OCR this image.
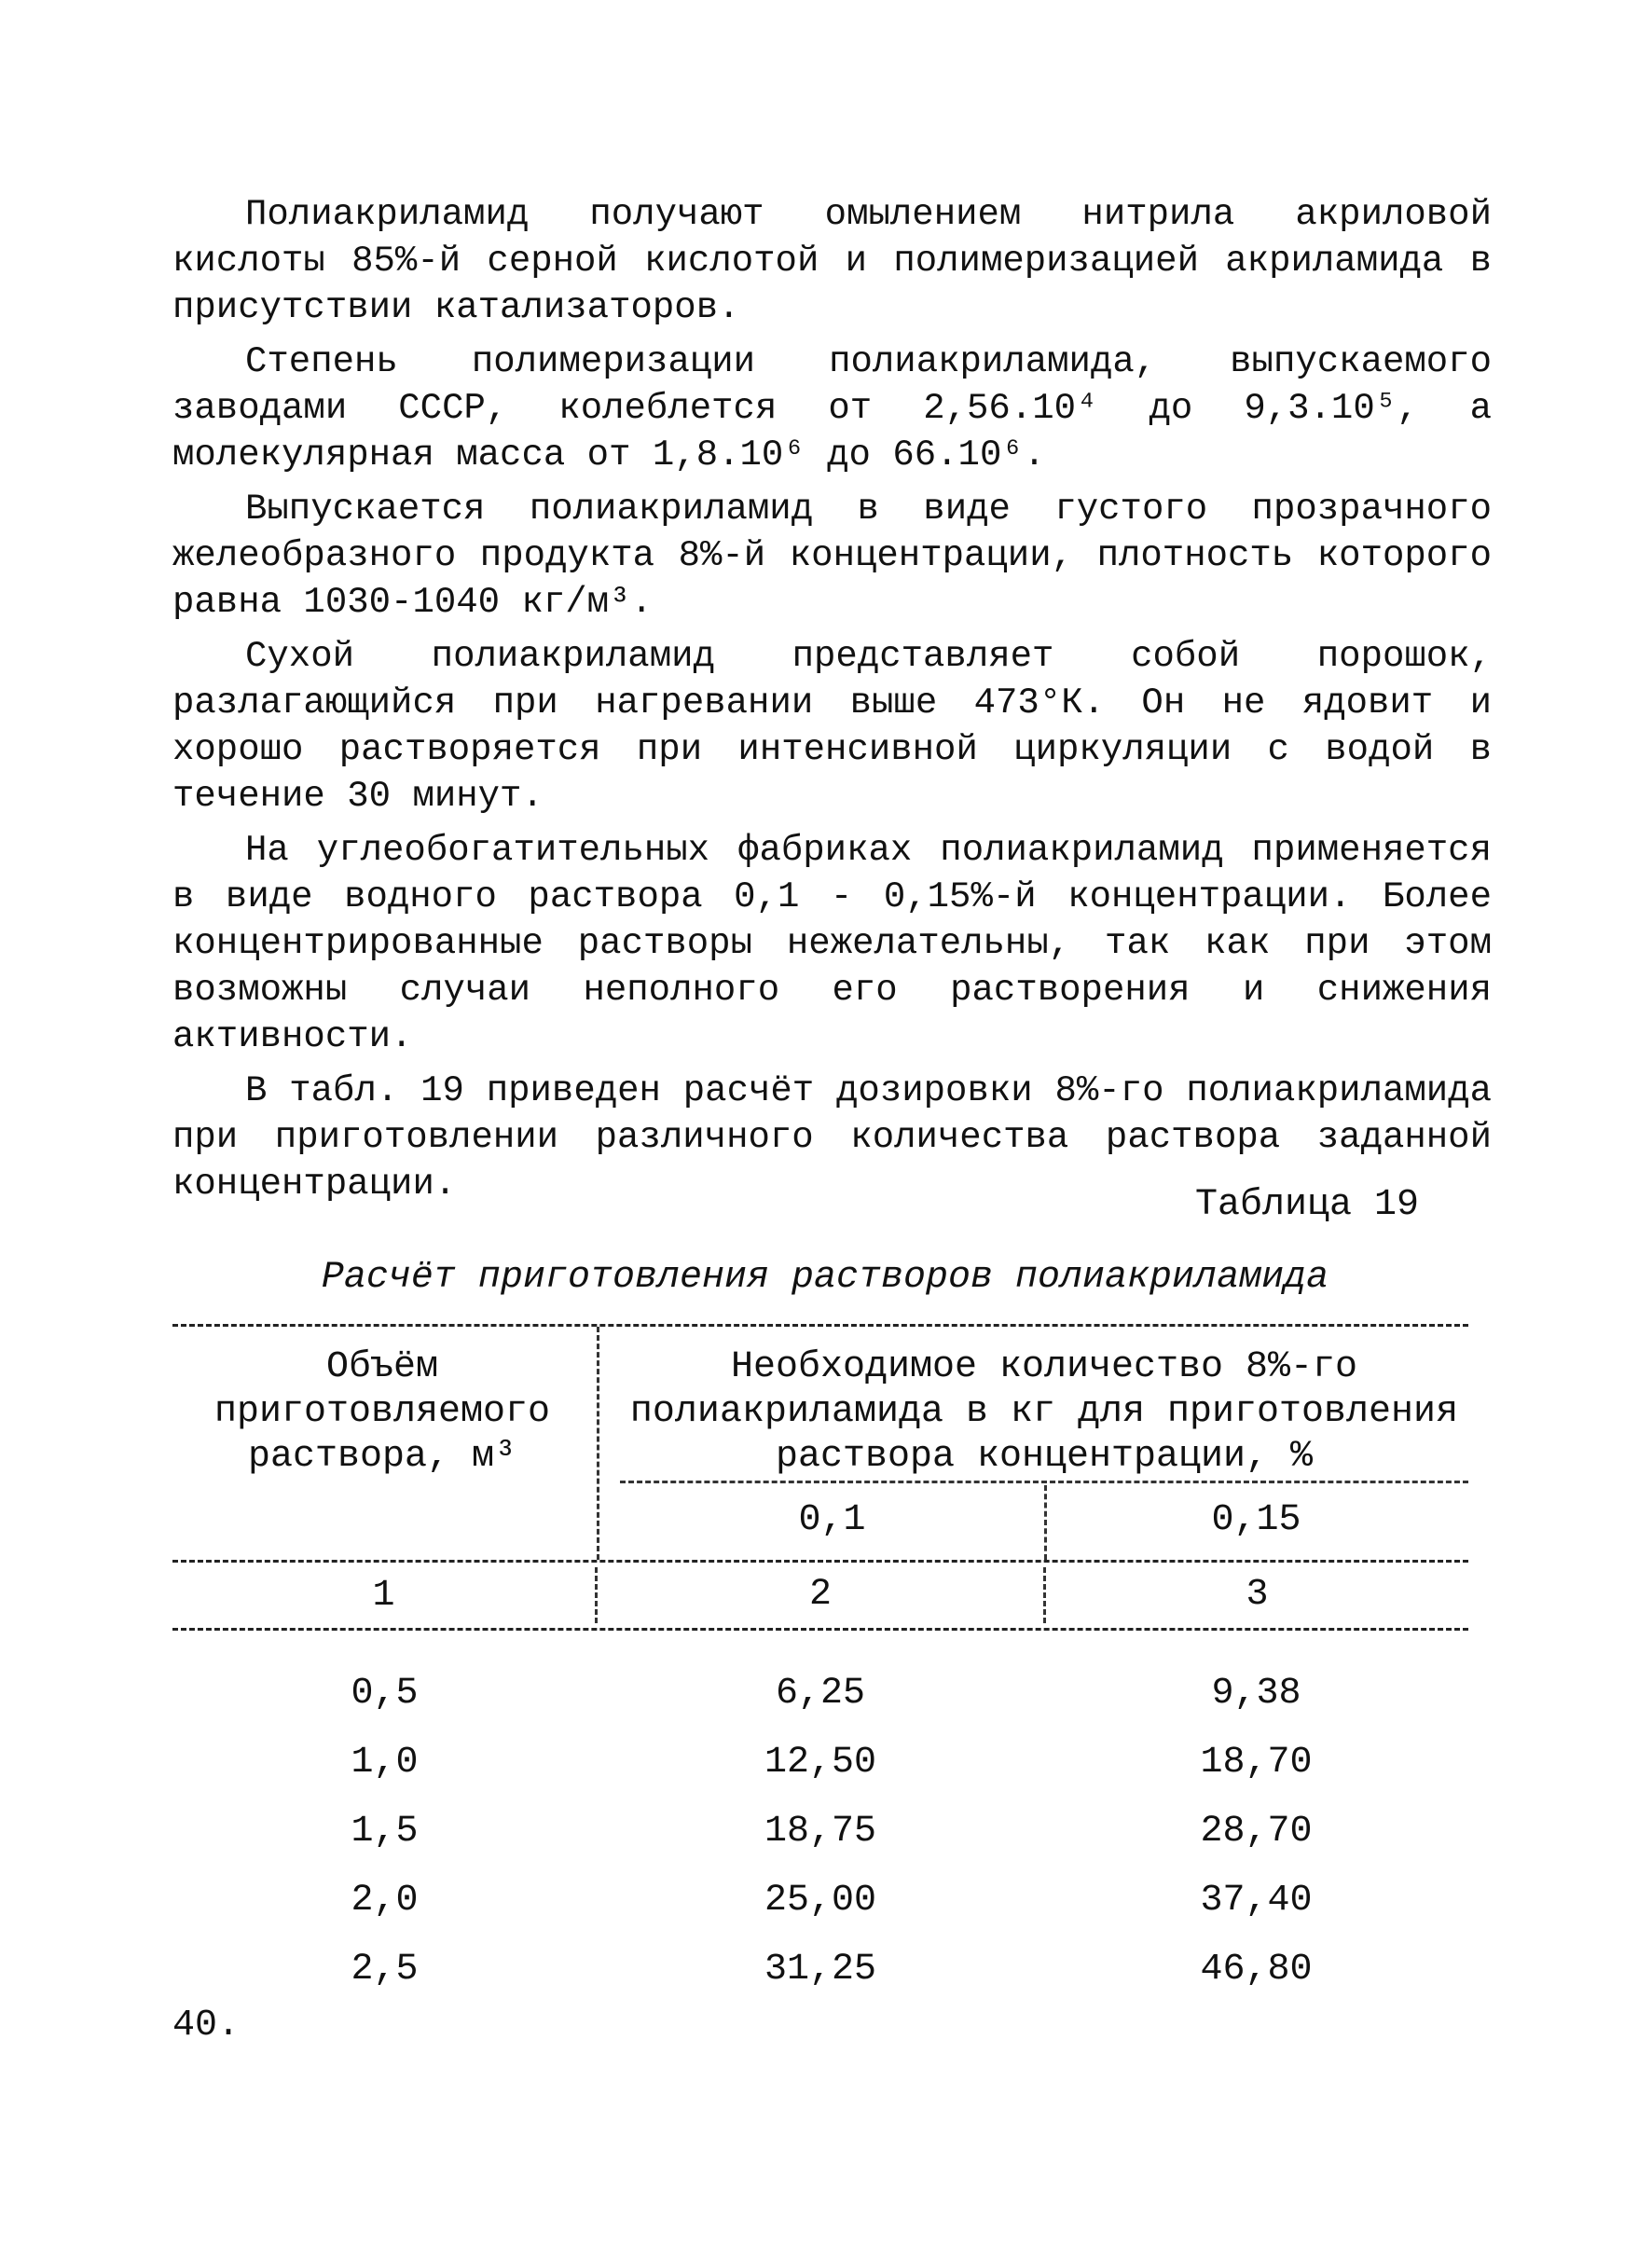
Полиакриламид получают омылением нитрила акриловой кислоты 85%-й серной кислотой и полимеризацией акриламида в присутствии катализаторов.

Степень полимеризации полиакриламида, выпускаемого заводами СССР, колеблется от 2,56.10⁴ до 9,3.10⁵, а молекулярная масса от 1,8.10⁶ до 66.10⁶.

Выпускается полиакриламид в виде густого прозрачного желеобразного продукта 8%-й концентрации, плотность которого равна 1030-1040 кг/м³.

Сухой полиакриламид представляет собой порошок, разлагающийся при нагревании выше 473°К. Он не ядовит и хорошо растворяется при интенсивной циркуляции с водой в течение 30 минут.

На углеобогатительных фабриках полиакриламид применяется в виде водного раствора 0,1 - 0,15%-й концентрации. Более концентрированные растворы нежелательны, так как при этом возможны случаи неполного его растворения и снижения активности.

В табл. 19 приведен расчёт дозировки 8%-го полиакриламида при приготовлении различного количества раствора заданной концентрации.	Таблица 19
Расчёт приготовления растворов полиакриламида
Объём приготовляемого раствора, м³
Необходимое количество 8%-го полиакриламида в кг для приготовления раствора концентрации, %
0,1	0,15
1	2	3
0,5	6,25	9,38
1,0	12,50	18,70
1,5	18,75	28,70
2,0	25,00	37,40
2,5	31,25	46,80
40.
